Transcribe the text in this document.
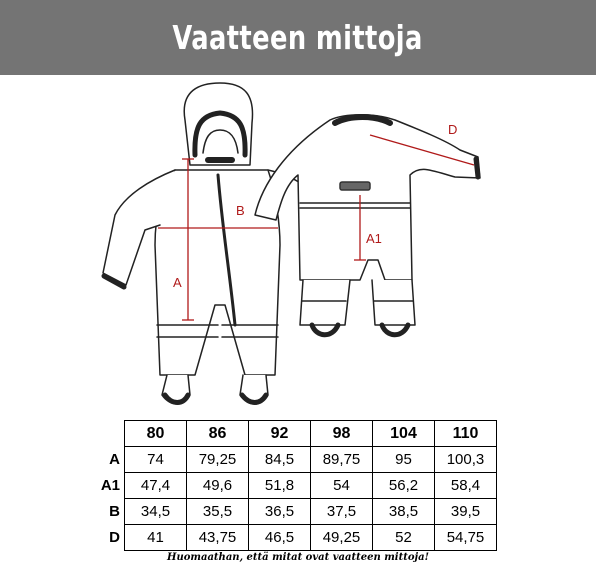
Vaatteen mittoja
A
B
A1
D
	80	86	92	98	104	110
A	74	79,25	84,5	89,75	95	100,3
A1	47,4	49,6	51,8	54	56,2	58,4
B	34,5	35,5	36,5	37,5	38,5	39,5
D	41	43,75	46,5	49,25	52	54,75
Huomaathan, että mitat ovat vaatteen mittoja!
